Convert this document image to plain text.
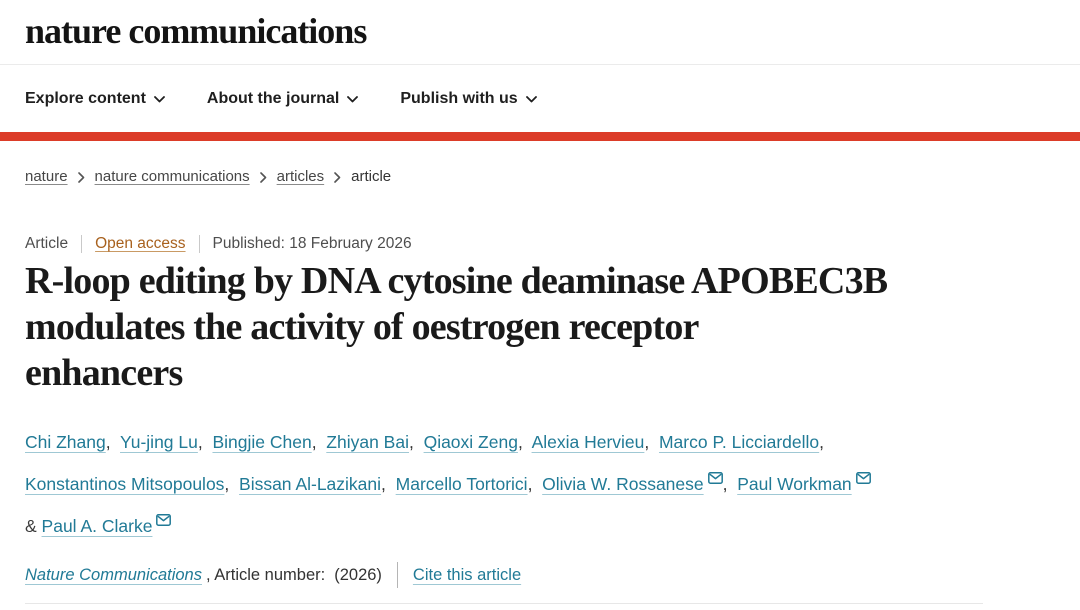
nature communications
Explore content	About the journal	Publish with us
nature nature communications articles article
Article Open access Published: 18 February 2026
R-loop editing by DNA cytosine deaminase APOBEC3B
modulates the activity of oestrogen receptor
enhancers

Chi Zhang,  Yu-jing Lu,  Bingjie Chen,  Zhiyan Bai,  Qiaoxi Zeng,  Alexia Hervieu,  Marco P. Licciardello,  Konstantinos Mitsopoulos,  Bissan Al-Lazikani,  Marcello Tortorici,  Olivia W. Rossanese ,  Paul Workman
& Paul A. Clarke

Nature Communications , Article number: (2026) Cite this article
